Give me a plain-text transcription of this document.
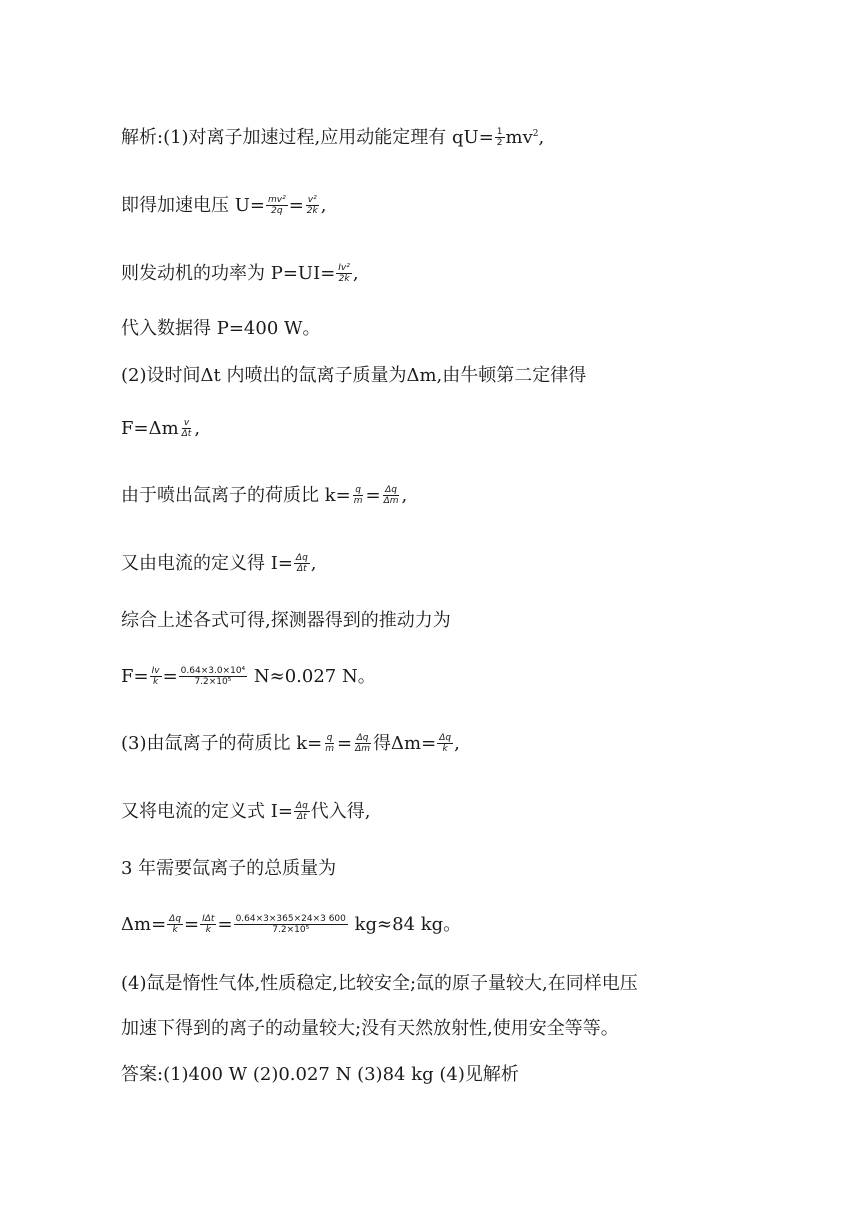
解析:(1)对离子加速过程,应用动能定理有 $qU= \frac{1}{2} mv^2$,
即得加速电压 $U= \frac{\text{mv²}}{2q} = \frac{\text{v²}}{2k}$ ,
则发动机的功率为 $P=UI= \frac{\text{Iv²}}{2k}$ ,
代入数据得 P=400 W。
(2)设时间Δt 内喷出的氙离子质量为Δm,由牛顿第二定律得
$F=\Delta m \frac{v}{\Delta t}$ ,
由于喷出氙离子的荷质比 $k= \frac{q}{m} = \frac{\Delta q}{\Delta m}$ ,
又由电流的定义得 $I= \frac{\Delta q}{\Delta t}$ ,
综合上述各式可得,探测器得到的推动力为
$F= \frac{Iv}{k} = \frac{\text{0.64×3.0×10⁴}}{\text{7.2×10⁵}} N\approx 0.027$ N。
(3)由氙离子的荷质比 $k= \frac{q}{m} = \frac{\Delta q}{\Delta m}$ 得$\Delta m= \frac{\Delta q}{k}$ ,
又将电流的定义式 $I= \frac{\Delta q}{\Delta t}$ 代入得,
3 年需要氙离子的总质量为
$\Delta m= \frac{\Delta q}{k} = \frac{\text{IΔt}}{k} = \frac{0.64\times 3\times 365\times 24\times 3 600}{\text{7.2×10⁵}} kg\approx 84$ kg。
(4)氙是惰性气体,性质稳定,比较安全;氙的原子量较大,在同样电压
加速下得到的离子的动量较大;没有天然放射性,使用安全等等。
答案:(1)400 W (2)0.027 N (3)84 kg (4)见解析
